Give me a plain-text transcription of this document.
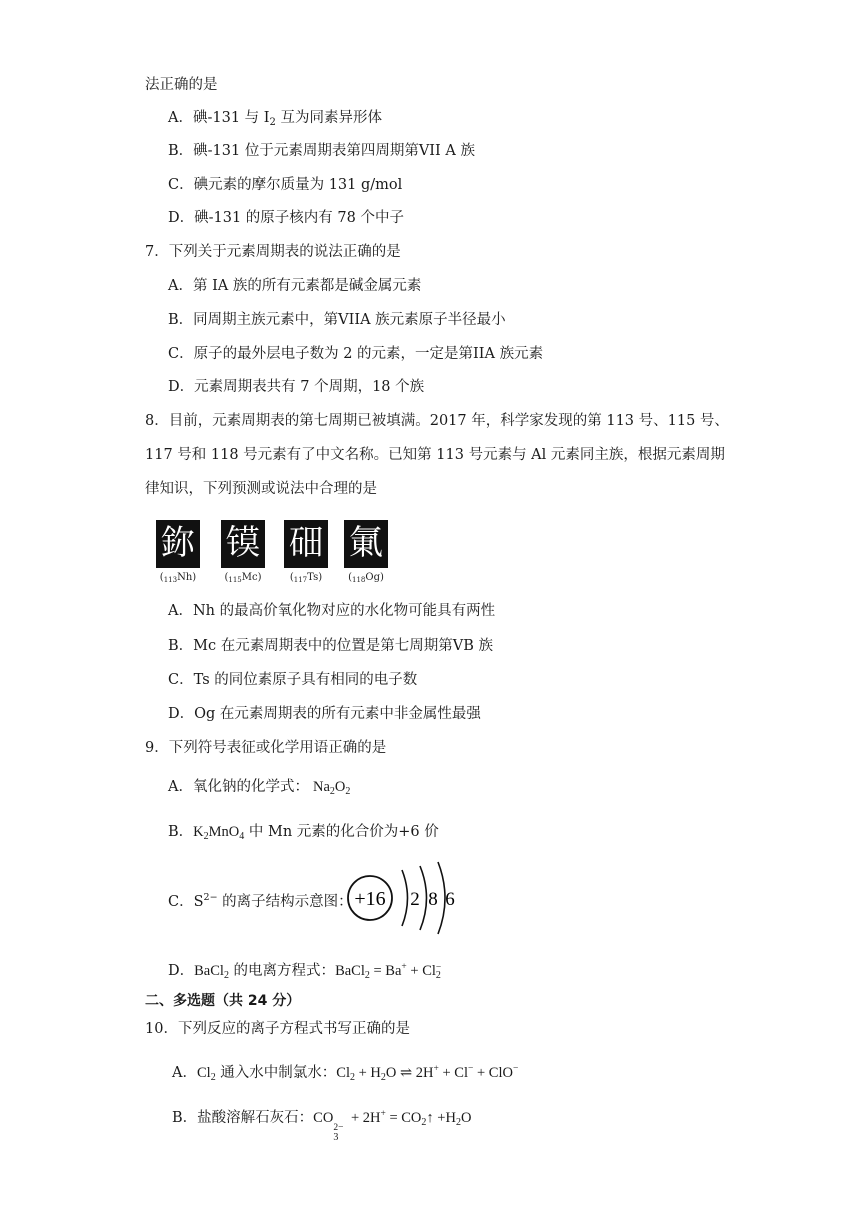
法正确的是
A．碘-131 与 $I_2$ 互为同素异形体
B．碘-131 位于元素周期表第四周期第VII A 族
C．碘元素的摩尔质量为 131 g/mol
D．碘-131 的原子核内有 78 个中子
7．下列关于元素周期表的说法正确的是
A．第 IA 族的所有元素都是碱金属元素
B．同周期主族元素中，第VIIA 族元素原子半径最小
C．原子的最外层电子数为 2 的元素，一定是第IIA 族元素
D．元素周期表共有 7 个周期，18 个族
8．目前，元素周期表的第七周期已被填满。2017 年，科学家发现的第 113 号、115 号、
117 号和 118 号元素有了中文名称。已知第 113 号元素与 Al 元素同主族，根据元素周期
律知识，下列预测或说法中合理的是
鉨 镆 鿬 氭
$(_{113}Nh)$	$(_{115}Mc)$	$(_{117}Ts)$	$(_{118}Og)$
A．Nh 的最高价氧化物对应的水化物可能具有两性
B．Mc 在元素周期表中的位置是第七周期第VB 族
C．Ts 的同位素原子具有相同的电子数
D．Og 在元素周期表的所有元素中非金属性最强
9．下列符号表征或化学用语正确的是
A．氧化钠的化学式： $Na_2O_2$
B．$K_2MnO_4$ 中 Mn 元素的化合价为+6 价
C．$S^{2-}$ 的离子结构示意图： +16 2 8 6
D．BaCl$_2$ 的电离方程式：BaCl$_2$ = Ba+ + Cl −
$_2$
二、多选题（共 24 分）
10．下列反应的离子方程式书写正确的是
A．$Cl_2$ 通入水中制氯水：$Cl_2 + H_2O$ ⇌ 2H+ + Cl− + ClO−
B．盐酸溶解石灰石：CO
2−
3
+ $2H^+ = CO_2↑ +H_2O$
